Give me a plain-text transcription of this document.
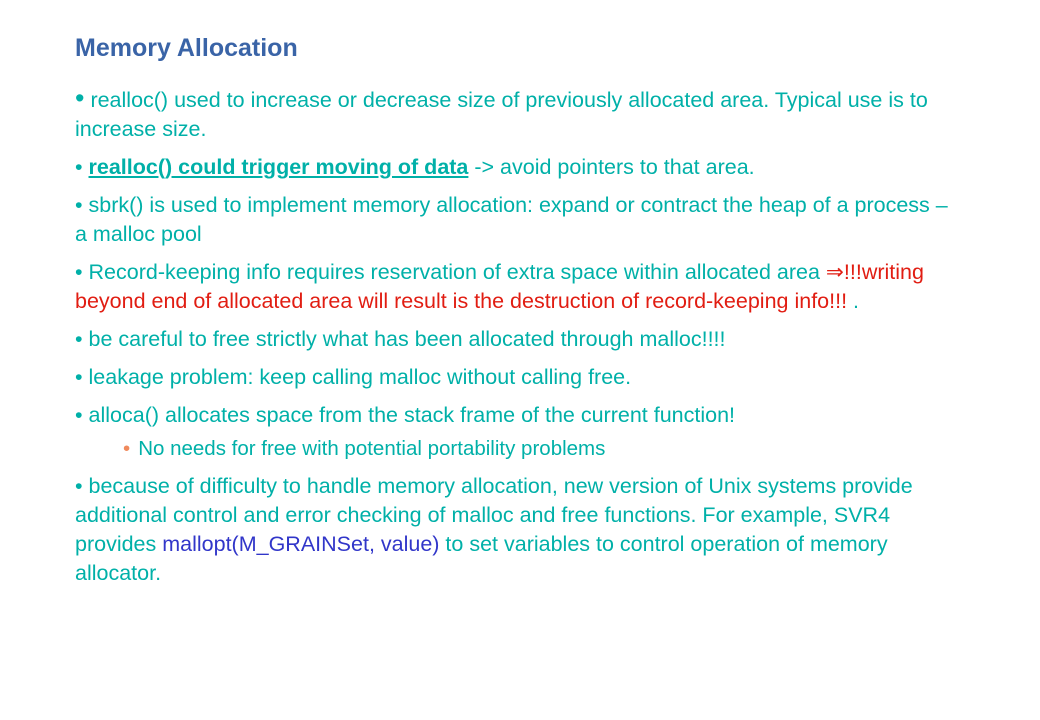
Memory Allocation

• realloc() used to increase or decrease size of previously allocated area. Typical use is to increase size.

• realloc() could trigger moving of data -> avoid pointers to that area.

• sbrk() is used to implement memory allocation: expand or contract the heap of a process – a malloc pool

• Record-keeping info requires reservation of extra space within allocated area ⇒!!!writing beyond end of allocated area will result is the destruction of record-keeping info!!! .

• be careful to free strictly what has been allocated through malloc!!!!

• leakage problem: keep calling malloc without calling free.

• alloca() allocates space from the stack frame of the current function!

• No needs for free with potential portability problems

• because of difficulty to handle memory allocation, new version of Unix systems provide additional control and error checking of malloc and free functions. For example, SVR4 provides mallopt(M_GRAINSet, value) to set variables to control operation of memory allocator.
